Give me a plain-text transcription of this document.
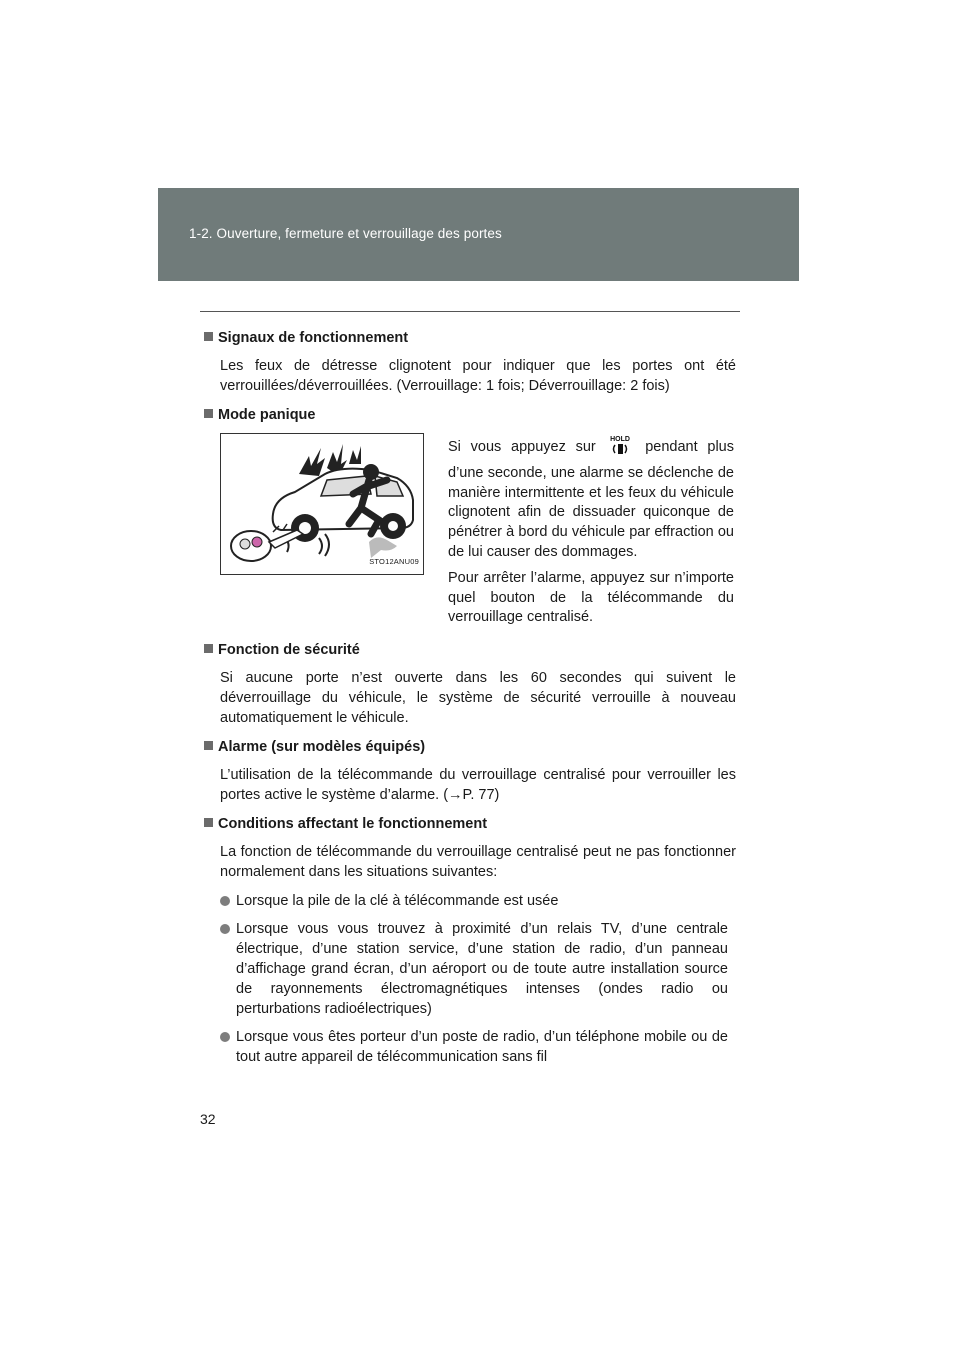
1-2. Ouverture, fermeture et verrouillage des portes
Signaux de fonctionnement

Les feux de détresse clignotent pour indiquer que les portes ont été verrouillées/déverrouillées. (Verrouillage: 1 fois; Déverrouillage: 2 fois)

Mode panique
STO12ANU09

Si vous appuyez sur HOLD pendant plus d’une seconde, une alarme se déclenche de manière intermittente et les feux du véhicule clignotent afin de dissuader quiconque de pénétrer à bord du véhicule par effraction ou de lui causer des dommages.

Pour arrêter l’alarme, appuyez sur n’importe quel bouton de la télécommande du verrouillage centralisé.

Fonction de sécurité

Si aucune porte n’est ouverte dans les 60 secondes qui suivent le déverrouillage du véhicule, le système de sécurité verrouille à nouveau automatiquement le véhicule.

Alarme (sur modèles équipés)

L’utilisation de la télécommande du verrouillage centralisé pour verrouiller les portes active le système d’alarme. (→P. 77)

Conditions affectant le fonctionnement

La fonction de télécommande du verrouillage centralisé peut ne pas fonctionner normalement dans les situations suivantes:

Lorsque la pile de la clé à télécommande est usée
Lorsque vous vous trouvez à proximité d’un relais TV, d’une centrale électrique, d’une station service, d’une station de radio, d’un panneau d’affichage grand écran, d’un aéroport ou de toute autre installation source de rayonnements électromagnétiques intenses (ondes radio ou perturbations radioélectriques)
Lorsque vous êtes porteur d’un poste de radio, d’un téléphone mobile ou de tout autre appareil de télécommunication sans fil
32
